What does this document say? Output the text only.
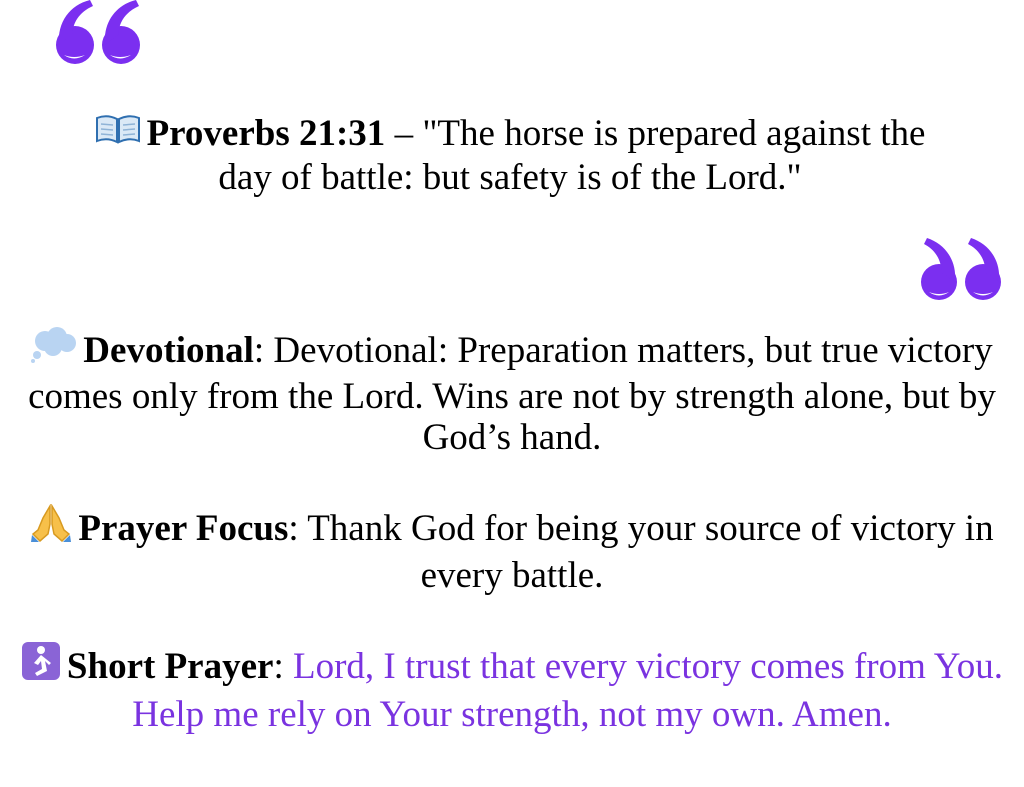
Proverbs 21:31 – "The horse is prepared against the day of battle: but safety is of the Lord."
Devotional: Devotional: Preparation matters, but true victory comes only from the Lord. Wins are not by strength alone, but by God’s hand.
Prayer Focus: Thank God for being your source of victory in every battle.
Short Prayer: Lord, I trust that every victory comes from You. Help me rely on Your strength, not my own. Amen.
